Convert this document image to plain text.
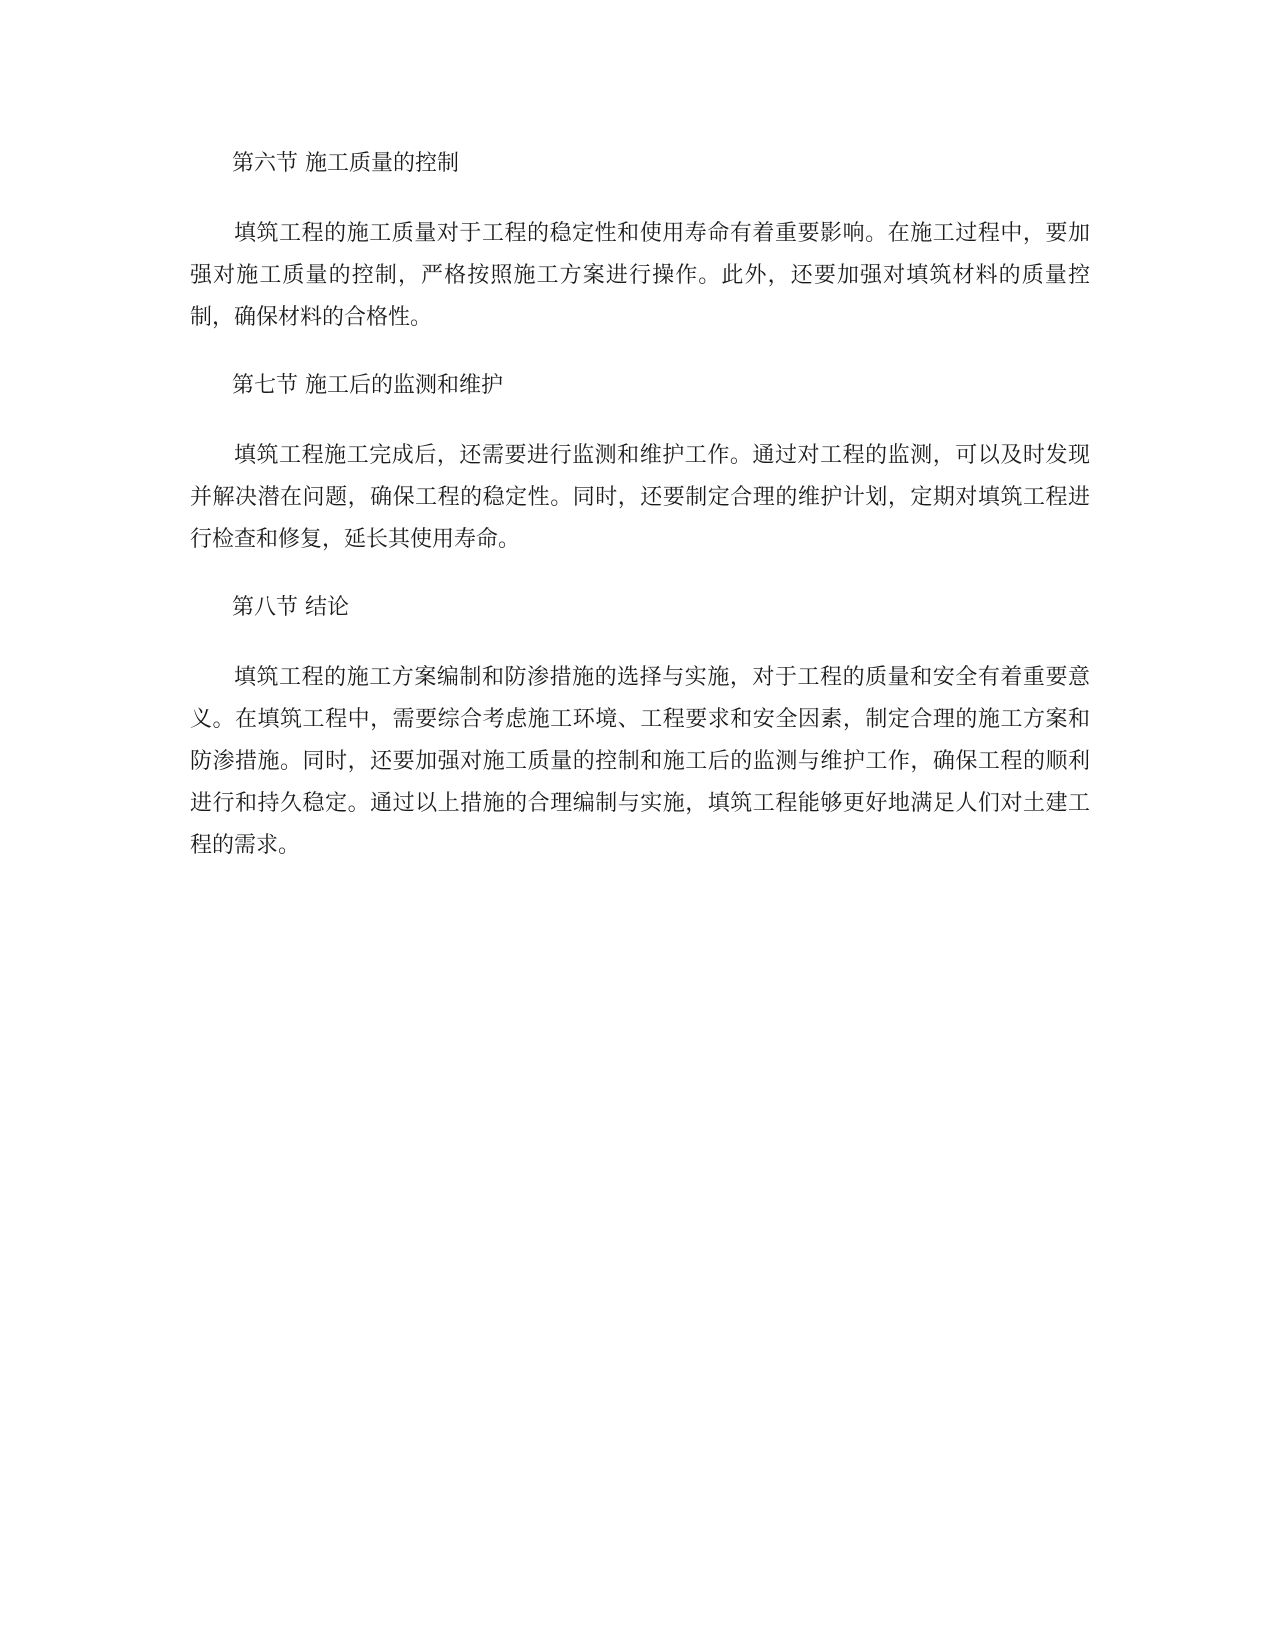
第六节 施工质量的控制

填筑工程的施工质量对于工程的稳定性和使用寿命有着重要影响。在施工过程中，要加强对施工质量的控制，严格按照施工方案进行操作。此外，还要加强对填筑材料的质量控制，确保材料的合格性。

第七节 施工后的监测和维护

填筑工程施工完成后，还需要进行监测和维护工作。通过对工程的监测，可以及时发现并解决潜在问题，确保工程的稳定性。同时，还要制定合理的维护计划，定期对填筑工程进行检查和修复，延长其使用寿命。

第八节 结论

填筑工程的施工方案编制和防渗措施的选择与实施，对于工程的质量和安全有着重要意义。在填筑工程中，需要综合考虑施工环境、工程要求和安全因素，制定合理的施工方案和防渗措施。同时，还要加强对施工质量的控制和施工后的监测与维护工作，确保工程的顺利进行和持久稳定。通过以上措施的合理编制与实施，填筑工程能够更好地满足人们对土建工程的需求。
